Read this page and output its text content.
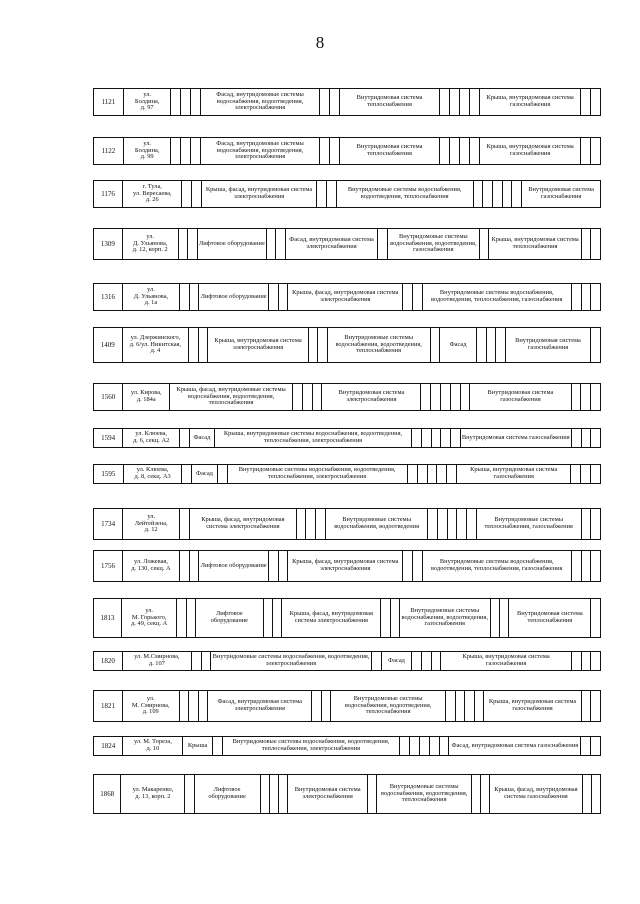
8
1121	ул.
Болдина,
д. 97				Фасад, внутридомовые системы водоснабжения, водоотведения, электроснабжения			Внутридомовая система теплоснабжения					Крыша, внутридомовая система газоснабжения		
1122	ул.
Болдина,
д. 99				Фасад, внутридомовые системы водоснабжения, водоотведения, электроснабжения			Внутридомовая система теплоснабжения					Крыша, внутридомовая система газоснабжения		
1176	г. Тула,
ул. Вересаева,
д. 26			Крыша, фасад, внутридомовая система электроснабжения			Внутридомовые системы водоснабжения, водоотведения, теплоснабжения						Внутридомовая система газоснабжения
1309	ул.
Д. Ульянова,
д. 12, корп. 2			Лифтовое оборудование			Фасад, внутридомовая система электроснабжения		Внутридомовые системы водоснабжения, водоотведения, газоснабжения		Крыша, внутридомовая система теплоснабжения		
1316	ул.
Д. Ульянова,
д. 1а			Лифтовое оборудование			Крыша, фасад, внутридомовая система электроснабжения			Внутридомовые системы водоснабжения, водоотведения, теплоснабжения, газоснабжения			
1409	ул. Дзержинского,
д. 6/ул. Никитская,
д. 4			Крыша, внутридомовая система электроснабжения			Внутридомовые системы водоснабжения, водоотведения, теплоснабжения		Фасад				Внутридомовая система газоснабжения	
1560	ул. Кирова,
д. 184а	Крыша, фасад, внутридомовые системы водоснабжения, водоотведения, теплоснабжения				Внутридомовая система электроснабжения						Внутридомовая система газоснабжения			
1594	ул. Клюева,
д. 6, секц. А2		Фасад	Крыша, внутридомовые системы водоснабжения, водоотведения, теплоснабжения, электроснабжения						Внутридомовая система газоснабжения			
1595	ул. Клюева,
д. 8, секц. А3		Фасад		Внутридомовые системы водоснабжения, водоотведения, теплоснабжения, электроснабжения						Крыша, внутридомовая система газоснабжения			
1734	ул.
Лейтейзена,
д. 12		Крыша, фасад, внутридомовая система электроснабжения				Внутридомовые системы водоснабжения, водоотведения						Внутридомовые системы теплоснабжения, газоснабжения		
1756	ул. Ложевая,
д. 130, секц. А			Лифтовое оборудование			Крыша, фасад, внутридомовая система электроснабжения			Внутридомовые системы водоснабжения, водоотведения, теплоснабжения, газоснабжения			
1813	ул.
М. Горького,
д. 49, секц. А			Лифтовое оборудование			Крыша, фасад, внутридомовая система электроснабжения			Внутридомовые системы водоснабжения, водоотведения, газоснабжения			Внутридомовая система теплоснабжения	
1820	ул. М.Смирнова,
д. 107			Внутридомовые системы водоснабжения, водоотведения, электроснабжения		Фасад				Крыша, внутридомовая система газоснабжения			
1821	ул.
М. Смирнова,
д. 109				Фасад, внутридомовая система электроснабжения			Внутридомовые системы водоснабжения, водоотведения, теплоснабжения					Крыша, внутридомовая система газоснабжения		
1824	ул. М. Тореза,
д. 10	Крыша		Внутридомовые системы водоснабжения, водоотведения, теплоснабжения, электроснабжения						Фасад, внутридомовая система газоснабжения		
1868	ул. Макаренко,
д. 13, корп. 2		Лифтовое оборудование				Внутридомовая система электроснабжения		Внутридомовые системы водоснабжения, водоотведения, теплоснабжения			Крыша, фасад, внутридомовая система газоснабжения		
